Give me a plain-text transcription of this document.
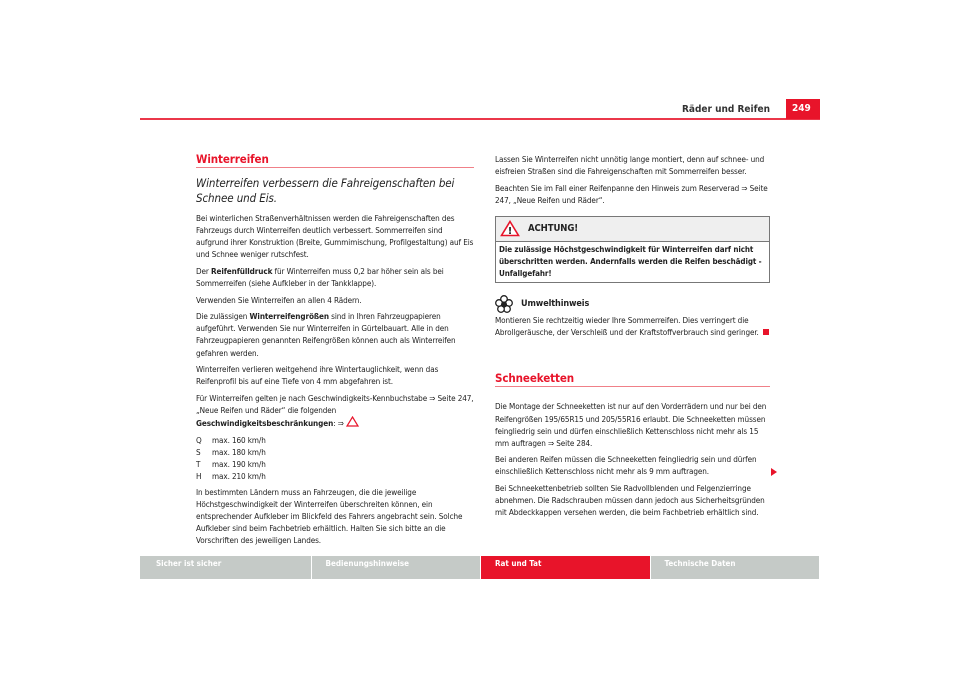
Räder und Reifen	249
Winterreifen
Winterreifen verbessern die Fahreigenschaften bei Schnee und Eis.

Bei winterlichen Straßenverhältnissen werden die Fahreigenschaften des Fahrzeugs durch Winterreifen deutlich verbessert. Sommerreifen sind aufgrund ihrer Konstruktion (Breite, Gummimischung, Profilgestaltung) auf Eis und Schnee weniger rutschfest.

Der Reifenfülldruck für Winterreifen muss 0,2 bar höher sein als bei Sommerreifen (siehe Aufkleber in der Tankklappe).

Verwenden Sie Winterreifen an allen 4 Rädern.

Die zulässigen Winterreifengrößen sind in Ihren Fahrzeugpapieren aufgeführt. Verwenden Sie nur Winterreifen in Gürtelbauart. Alle in den Fahrzeugpapieren genannten Reifengrößen können auch als Winterreifen gefahren werden.

Winterreifen verlieren weitgehend ihre Wintertauglichkeit, wenn das Reifenprofil bis auf eine Tiefe von 4 mm abgefahren ist.

Für Winterreifen gelten je nach Geschwindigkeits-Kennbuchstabe ⇒ Seite 247, „Neue Reifen und Räder“ die folgenden Geschwindigkeitsbeschränkungen: ⇒

Q	max. 160 km/h
S	max. 180 km/h
T	max. 190 km/h
H	max. 210 km/h

In bestimmten Ländern muss an Fahrzeugen, die die jeweilige Höchstgeschwindigkeit der Winterreifen überschreiten können, ein entsprechender Aufkleber im Blickfeld des Fahrers angebracht sein. Solche Aufkleber sind beim Fachbetrieb erhältlich. Halten Sie sich bitte an die Vorschriften des jeweiligen Landes.

Lassen Sie Winterreifen nicht unnötig lange montiert, denn auf schnee- und eisfreien Straßen sind die Fahreigenschaften mit Sommerreifen besser.

Beachten Sie im Fall einer Reifenpanne den Hinweis zum Reserverad ⇒ Seite 247, „Neue Reifen und Räder“.

! ACHTUNG!
Die zulässige Höchstgeschwindigkeit für Winterreifen darf nicht überschritten werden. Andernfalls werden die Reifen beschädigt - Unfallgefahr!
Umwelthinweis

Montieren Sie rechtzeitig wieder Ihre Sommerreifen. Dies verringert die Abrollgeräusche, der Verschleiß und der Kraftstoffverbrauch sind geringer.

Schneeketten

Die Montage der Schneeketten ist nur auf den Vorderrädern und nur bei den Reifengrößen 195/65R15 und 205/55R16 erlaubt. Die Schneeketten müssen feingliedrig sein und dürfen einschließlich Kettenschloss nicht mehr als 15 mm auftragen ⇒ Seite 284.

Bei anderen Reifen müssen die Schneeketten feingliedrig sein und dürfen einschließlich Kettenschloss nicht mehr als 9 mm auftragen.

Bei Schneekettenbetrieb sollten Sie Radvollblenden und Felgenzierringe abnehmen. Die Radschrauben müssen dann jedoch aus Sicherheitsgründen mit Abdeckkappen versehen werden, die beim Fachbetrieb erhältlich sind.

Sicher ist sicher	Bedienungshinweise	Rat und Tat	Technische Daten
